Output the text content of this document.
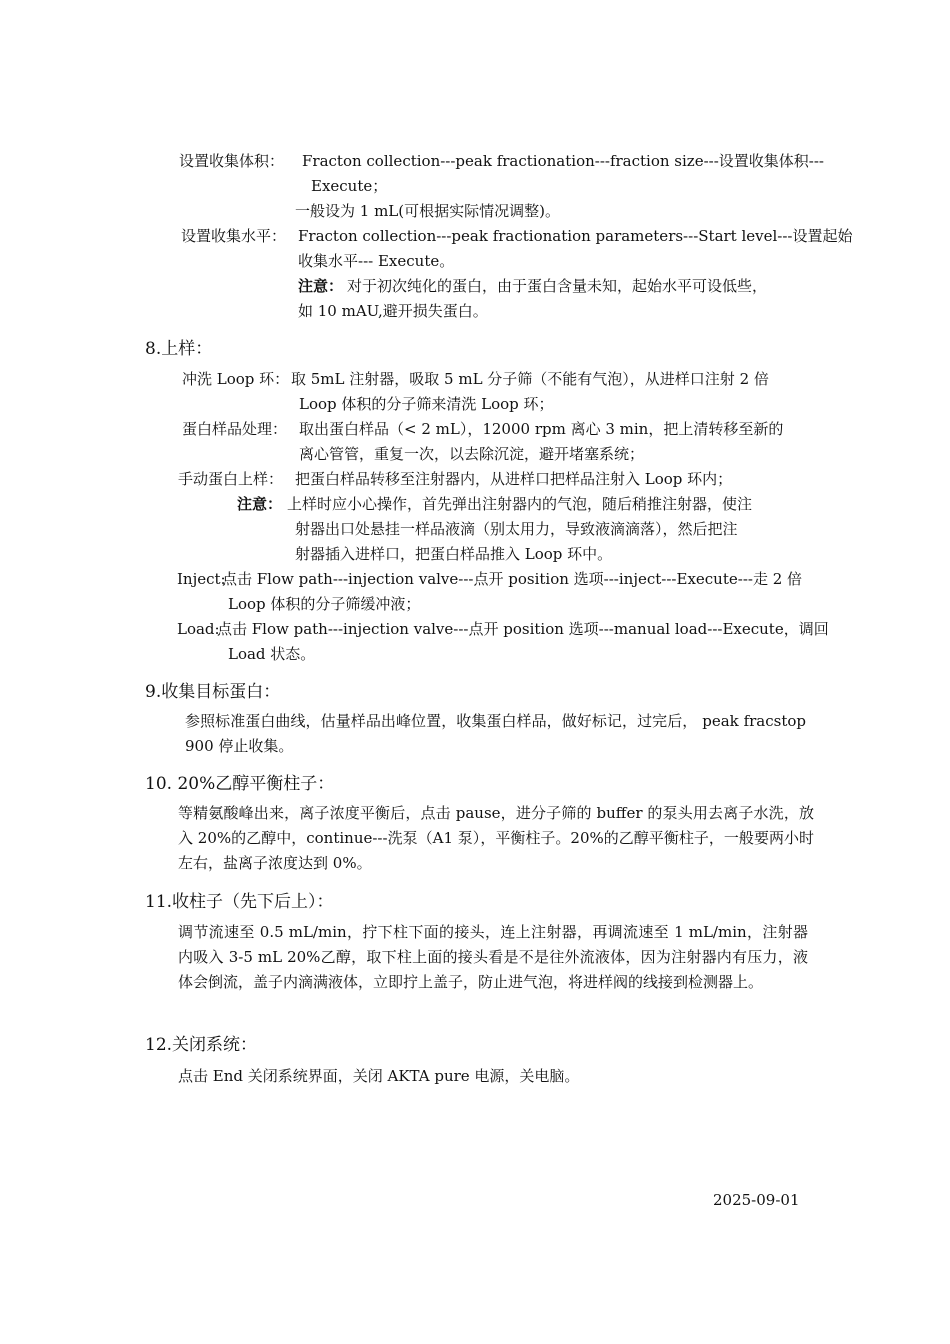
设置收集体积： Fracton collection---peak fractionation---fraction size---设置收集体积---
Execute；
一般设为 1 mL(可根据实际情况调整)。
设置收集水平： Fracton collection---peak fractionation parameters---Start level---设置起始
收集水平--- Execute。
注意： 对于初次纯化的蛋白，由于蛋白含量未知，起始水平可设低些，
如 10 mAU,避开损失蛋白。
8.上样：
冲洗 Loop 环： 取 5mL 注射器，吸取 5 mL 分子筛（不能有气泡），从进样口注射 2 倍
Loop 体积的分子筛来清洗 Loop 环；
蛋白样品处理： 取出蛋白样品（< 2 mL），12000 rpm 离心 3 min，把上清转移至新的
离心管管，重复一次，以去除沉淀，避开堵塞系统；
手动蛋白上样： 把蛋白样品转移至注射器内，从进样口把样品注射入 Loop 环内；
注意： 上样时应小心操作，首先弹出注射器内的气泡，随后稍推注射器，使注
射器出口处悬挂一样品液滴（别太用力，导致液滴滴落），然后把注
射器插入进样口，把蛋白样品推入 Loop 环中。
Inject:
点击 Flow path---injection valve---点开 position 选项---inject---Execute---走 2 倍
Loop 体积的分子筛缓冲液；
Load:
点击 Flow path---injection valve---点开 position 选项---manual load---Execute，调回
Load 状态。
9.收集目标蛋白：
参照标准蛋白曲线，估量样品出峰位置，收集蛋白样品，做好标记，过完后， peak fracstop 900 停止收集。
10. 20%乙醇平衡柱子：
等精氨酸峰出来，离子浓度平衡后，点击 pause，进分子筛的 buffer 的泵头用去离子水洗，放入 20%的乙醇中，continue---洗泵（A1 泵），平衡柱子。20%的乙醇平衡柱子，一般要两小时左右，盐离子浓度达到 0%。
11.收柱子（先下后上）：
调节流速至 0.5 mL/min，拧下柱下面的接头，连上注射器，再调流速至 1 mL/min，注射器内吸入 3-5 mL 20%乙醇，取下柱上面的接头看是不是往外流液体，因为注射器内有压力，液体会倒流，盖子内滴满液体，立即拧上盖子，防止进气泡，将进样阀的线接到检测器上。
12.关闭系统：
点击 End 关闭系统界面，关闭 AKTA pure 电源，关电脑。
2025-09-01
